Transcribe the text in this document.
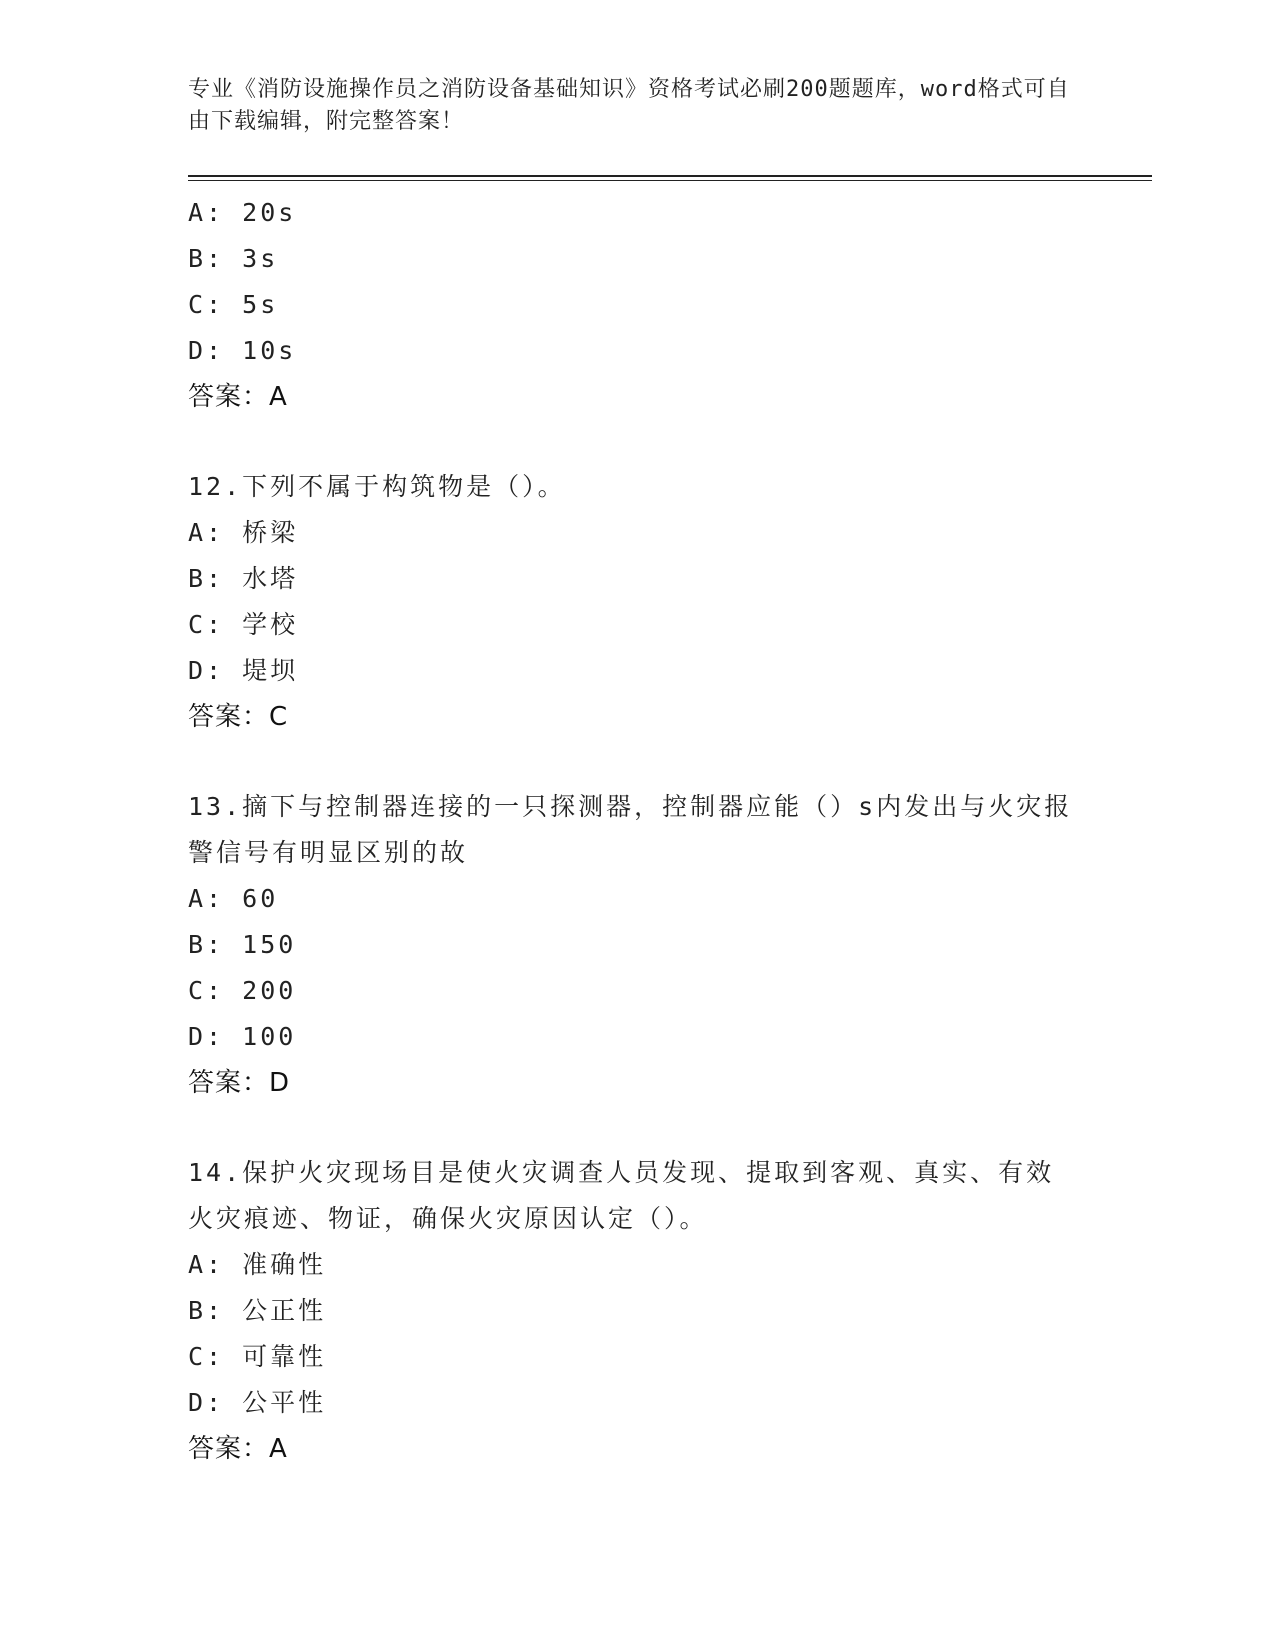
专业《消防设施操作员之消防设备基础知识》资格考试必刷200题题库，word格式可自由下载编辑，附完整答案！
A: 20s
B: 3s
C: 5s
D: 10s
答案：A
12.下列不属于构筑物是（）。
A: 桥梁
B: 水塔
C: 学校
D: 堤坝
答案：C
13.摘下与控制器连接的一只探测器，控制器应能（）s内发出与火灾报警信号有明显区别的故
A: 60
B: 150
C: 200
D: 100
答案：D
14.保护火灾现场目是使火灾调查人员发现、提取到客观、真实、有效火灾痕迹、物证，确保火灾原因认定（）。
A: 准确性
B: 公正性
C: 可靠性
D: 公平性
答案：A
